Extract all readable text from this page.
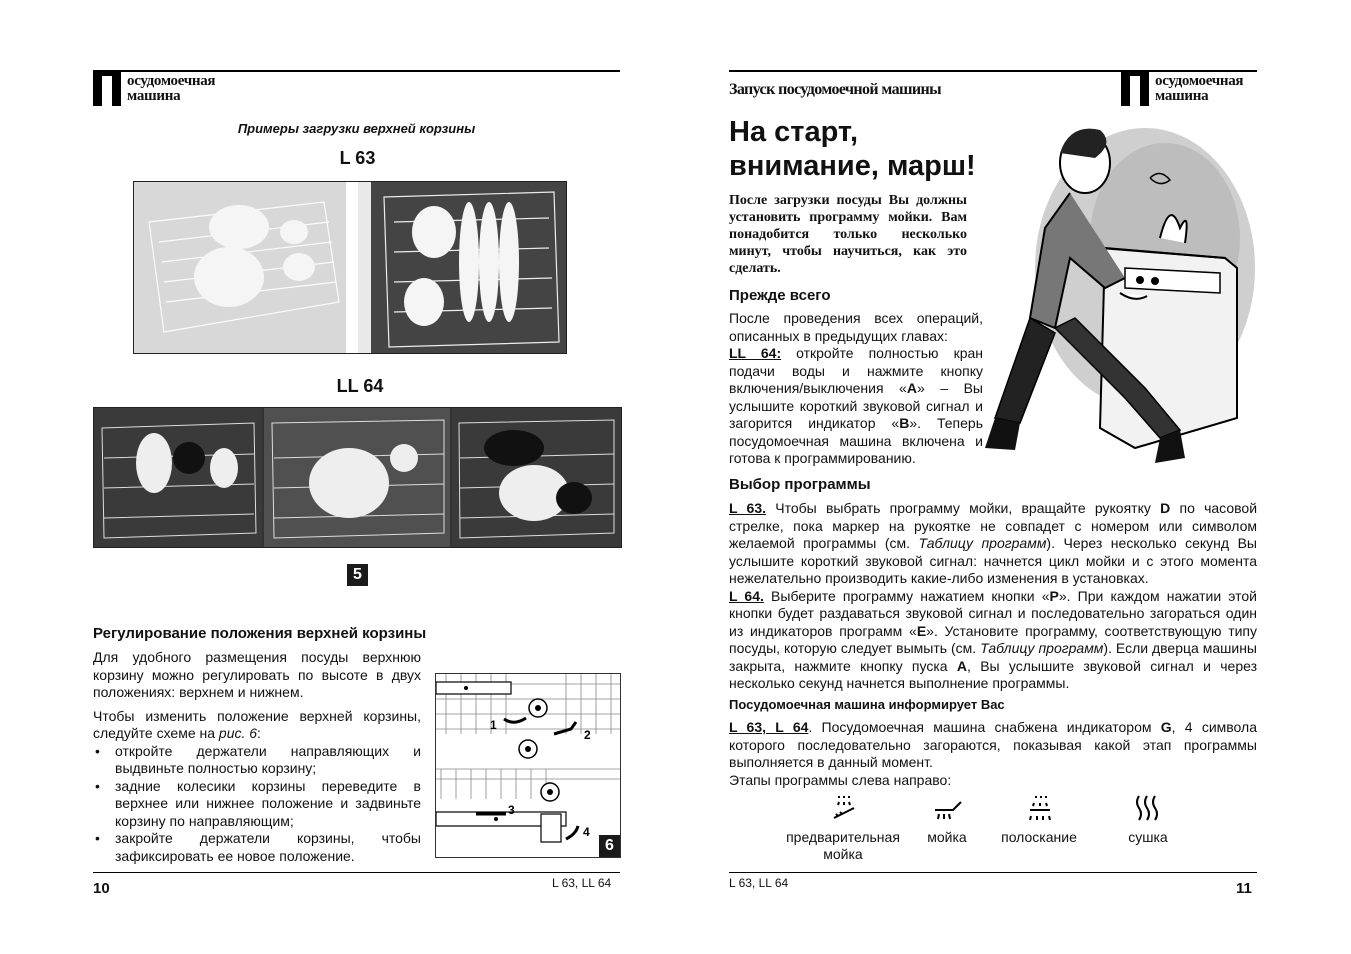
осудомоечная
машина
Примеры загрузки верхней корзины
L 63
LL 64
5
Регулирование положения верхней корзины
Для удобного размещения посуды верхнюю корзину можно регулировать по высоте в двух положениях: верхнем и нижнем.
Чтобы изменить положение верхней корзины, следуйте схеме на рис. 6:
• откройте держатели направляющих и выдвиньте полностью корзину;
• задние колесики корзины переведите в верхнее или нижнее положение и задвиньте корзину по направляющим;
• закройте держатели корзины, чтобы зафиксировать ее новое положение.
1
2
3
4
6
10	L 63, LL 64
Запуск посудомоечной машины	осудомоечная
машина
На старт,
внимание, марш!
После загрузки посуды Вы должны установить программу мойки. Вам понадобится только несколько минут, чтобы научиться, как это сделать.
Прежде всего
После проведения всех операций, описанных в предыдущих главах:
LL 64: откройте полностью кран подачи воды и нажмите кнопку включения/выключения «A» – Вы услышите короткий звуковой сигнал и загорится индикатор «B». Теперь посудомоечная машина включена и готова к программированию.
Выбор программы
L 63. Чтобы выбрать программу мойки, вращайте рукоятку D по часовой стрелке, пока маркер на рукоятке не совпадет с номером или символом желаемой программы (см. Таблицу программ). Через несколько секунд Вы услышите короткий звуковой сигнал: начнется цикл мойки и с этого момента нежелательно производить какие-либо изменения в установках.
L 64. Выберите программу нажатием кнопки «P». При каждом нажатии этой кнопки будет раздаваться звуковой сигнал и последовательно загораться один из индикаторов программ «E». Установите программу, соответствующую типу посуды, которую следует вымыть (см. Таблицу программ). Если дверца машины закрыта, нажмите кнопку пуска A, Вы услышите звуковой сигнал и через несколько секунд начнется выполнение программы.
Посудомоечная машина информирует Вас
L 63, L 64. Посудомоечная машина снабжена индикатором G, 4 символа которого последовательно загораются, показывая какой этап программы выполняется в данный момент.
Этапы программы слева направо:
предварительная мойка
мойка	полоскание	сушка
L 63, LL 64	11
